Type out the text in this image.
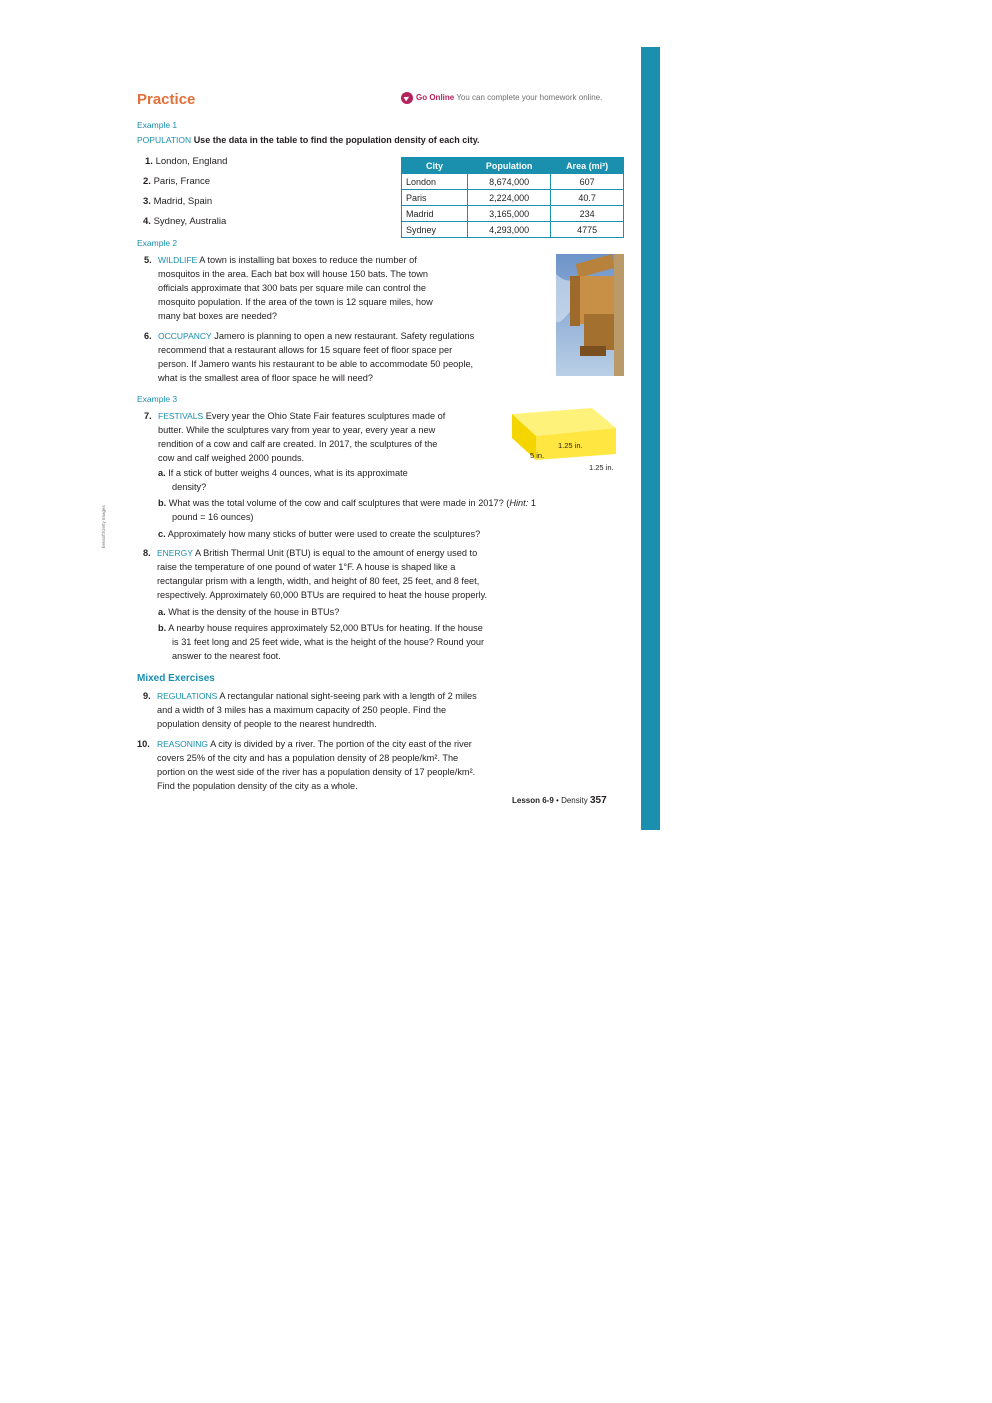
bensoft/Getty Images
Practice	Go Online You can complete your homework online.
Example 1
POPULATION Use the data in the table to find the population density of each city.
1. London, England
2. Paris, France
3. Madrid, Spain
4. Sydney, Australia
City	Population	Area (mi²)
London	8,674,000	607
Paris	2,224,000	40.7
Madrid	3,165,000	234
Sydney	4,293,000	4775
Example 2
5. WILDLIFE A town is installing bat boxes to reduce the number of
mosquitos in the area. Each bat box will house 150 bats. The town
officials approximate that 300 bats per square mile can control the
mosquito population. If the area of the town is 12 square miles, how
many bat boxes are needed?
6. OCCUPANCY Jamero is planning to open a new restaurant. Safety regulations
recommend that a restaurant allows for 15 square feet of floor space per
person. If Jamero wants his restaurant to be able to accommodate 50 people,
what is the smallest area of floor space he will need?
Example 3
7. FESTIVALS Every year the Ohio State Fair features sculptures made of
butter. While the sculptures vary from year to year, every year a new
rendition of a cow and calf are created. In 2017, the sculptures of the
cow and calf weighed 2000 pounds.	5 in.
1.25 in.
1.25 in.
a. If a stick of butter weighs 4 ounces, what is its approximate
density?
b. What was the total volume of the cow and calf sculptures that were made in 2017? (Hint: 1
pound = 16 ounces)
c. Approximately how many sticks of butter were used to create the sculptures?
8. ENERGY A British Thermal Unit (BTU) is equal to the amount of energy used to
raise the temperature of one pound of water 1°F. A house is shaped like a
rectangular prism with a length, width, and height of 80 feet, 25 feet, and 8 feet,
respectively. Approximately 60,000 BTUs are required to heat the house properly.
a. What is the density of the house in BTUs?
b. A nearby house requires approximately 52,000 BTUs for heating. If the house
is 31 feet long and 25 feet wide, what is the height of the house? Round your
answer to the nearest foot.
Mixed Exercises
9. REGULATIONS A rectangular national sight-seeing park with a length of 2 miles
and a width of 3 miles has a maximum capacity of 250 people. Find the
population density of people to the nearest hundredth.
10. REASONING A city is divided by a river. The portion of the city east of the river
covers 25% of the city and has a population density of 28 people/km². The
portion on the west side of the river has a population density of 17 people/km².
Find the population density of the city as a whole.
Lesson 6-9 • Density 357
